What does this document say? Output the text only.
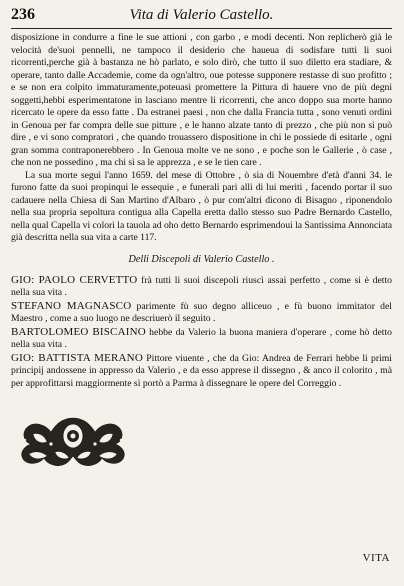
236	Vita di Valerio Castello.

disposizione in condurre a fine le sue attioni , con garbo , e modi decenti. Non replicherò già le velocità de'suoi pennelli, ne tampoco il desiderio che haueua di sodisfare tutti li suoi ricorrenti,perche già à bastanza ne hò parlato, e solo dirò, che tutto il suo diletto era stadiare, & operare, tanto dalle Accademie, come da ogn'altro, oue potesse supponere restasse di suo profitto ; e se non era colpito immaturamente,poteuasi promettere la Pittura di hauere vno de più degni soggetti,hebbi esperimentatone in lasciano mentre li ricorrenti, che anco doppo sua morte hanno ricercato le opere da esso fatte . Da estranei paesi , non che dalla Francia tutta , sono venuti ordini in Genoua per far compra delle sue pitture , e le hanno alzate tanto di prezzo , che più non si può dire , e vi sono compratori , che quando trouassero dispositione in chi le possiede di esitarle , ogni gran somma contraponerebbero . In Genoua molte ve ne sono , e poche son le Gallerie , ò case , che non ne possedino , ma chi sì sa le apprezza , e se le tien care .

La sua morte seguì l'anno 1659. del mese di Ottobre , ò sia di Nouembre d'età d'anni 34. le furono fatte da suoi propinqui le essequie , e funerali pari alli di lui meriti , facendo portar il suo cadauere nella Chiesa di San Martino d'Albaro , ò pur com'altri dicono di Bisagno , riponendolo nella sua propria sepoltura contigua alla Capella eretta dallo stesso suo Padre Bernardo Castello, nella qual Capella vi colorì la tauola ad oho detto Bernardo esprimendoui la Santissima Annonciata già descritta nella sua vita a carte 117.

Delli Discepoli di Valerio Castello .

GIO: PAOLO CERVETTO frà tutti li suoi discepoli riuscì assai perfetto , come si è detto nella sua vita .

STEFANO MAGNASCO parimente fù suo degno alliceuo , e fù buono immitator del Maestro , come a suo luogo ne descriuerò il seguito .

BARTOLOMEO BISCAINO hebbe da Valerio la buona maniera d'operare , come hò detto nella sua vita .

GIO: BATTISTA MERANO Pittore viuente , che da Gio: Andrea de Ferrari hebbe li primi principij andossene in appresso da Valerio , e da esso apprese il dissegno , & anco il colorito , mà per approfittarsi maggiormente sì portò a Parma à dissegnare le opere del Correggio .

VITA
